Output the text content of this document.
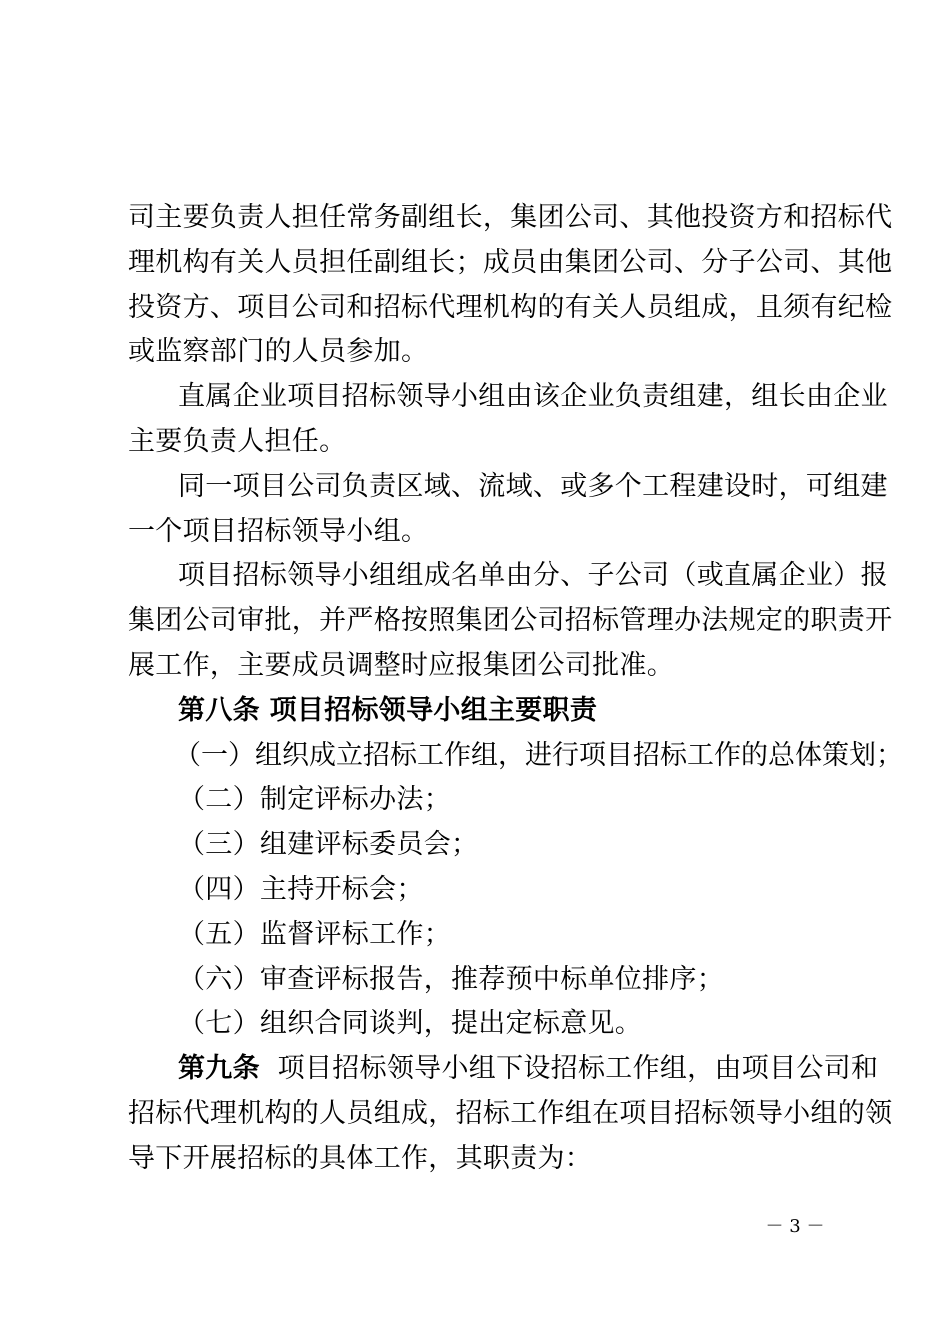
司主要负责人担任常务副组长，集团公司、其他投资方和招标代
理机构有关人员担任副组长；成员由集团公司、分子公司、其他
投资方、项目公司和招标代理机构的有关人员组成，且须有纪检
或监察部门的人员参加。
直属企业项目招标领导小组由该企业负责组建，组长由企业
主要负责人担任。
同一项目公司负责区域、流域、或多个工程建设时，可组建
一个项目招标领导小组。
项目招标领导小组组成名单由分、子公司（或直属企业）报
集团公司审批，并严格按照集团公司招标管理办法规定的职责开
展工作，主要成员调整时应报集团公司批准。
第八条 项目招标领导小组主要职责
（一）组织成立招标工作组，进行项目招标工作的总体策划；
（二）制定评标办法；
（三）组建评标委员会；
（四）主持开标会；
（五）监督评标工作；
（六）审查评标报告，推荐预中标单位排序；
（七）组织合同谈判，提出定标意见。
第九条  项目招标领导小组下设招标工作组，由项目公司和
招标代理机构的人员组成，招标工作组在项目招标领导小组的领
导下开展招标的具体工作，其职责为：
－ 3 －
